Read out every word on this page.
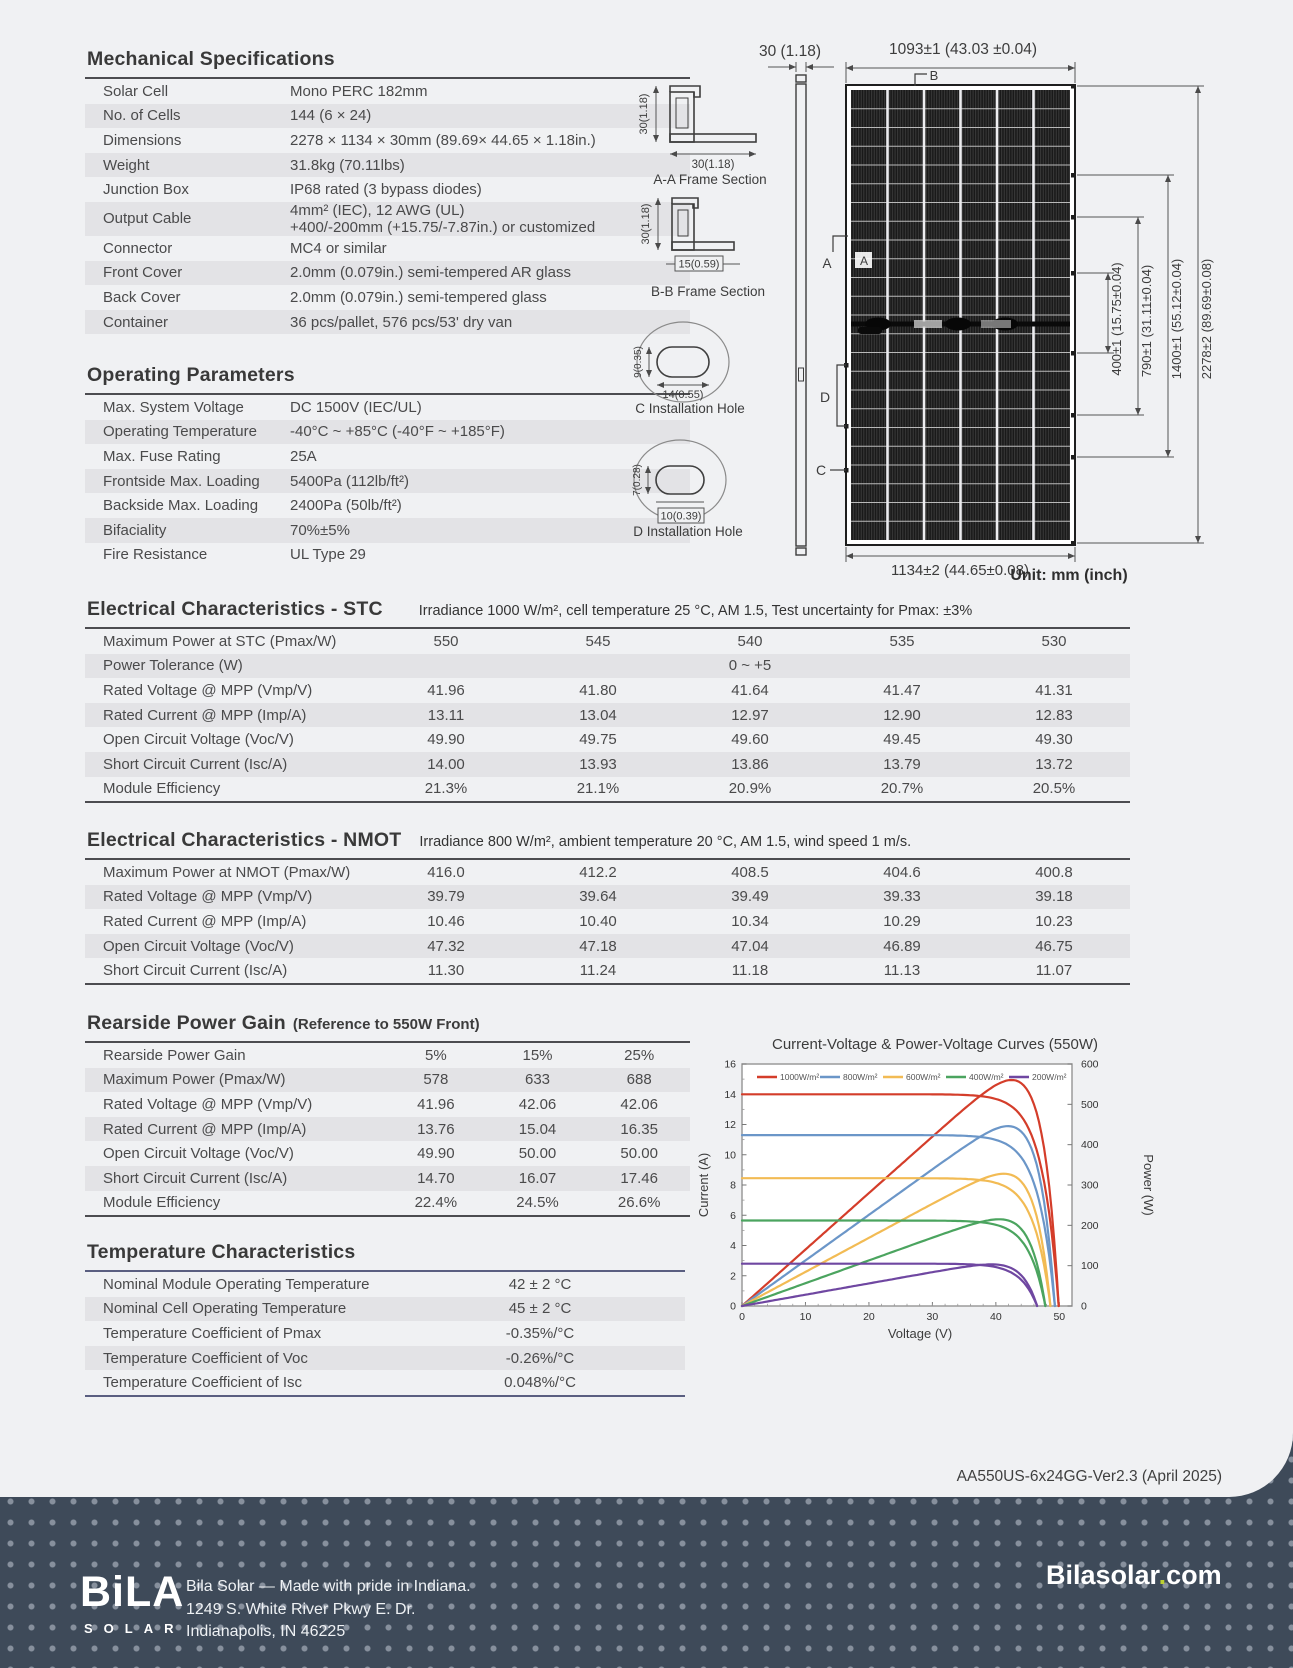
Mechanical Specifications
Solar Cell	Mono PERC 182mm
No. of Cells	144 (6 × 24)
Dimensions	2278 × 1134 × 30mm (89.69× 44.65 × 1.18in.)
Weight	31.8kg (70.11lbs)
Junction Box	IP68 rated (3 bypass diodes)
Output Cable	4mm² (IEC), 12 AWG (UL)
+400/-200mm (+15.75/-7.87in.) or customized
Connector	MC4 or similar
Front Cover	2.0mm (0.079in.) semi-tempered AR glass
Back Cover	2.0mm (0.079in.) semi-tempered glass
Container	36 pcs/pallet, 576 pcs/53' dry van
Operating Parameters
Max. System Voltage	DC 1500V (IEC/UL)
Operating Temperature	-40°C ~ +85°C (-40°F ~ +185°F)
Max. Fuse Rating	25A
Frontside Max. Loading	5400Pa (112lb/ft²)
Backside Max. Loading	2400Pa (50lb/ft²)
Bifaciality	70%±5%
Fire Resistance	UL Type 29
Electrical Characteristics - STC Irradiance 1000 W/m², cell temperature 25 °C, AM 1.5, Test uncertainty for Pmax: ±3%
Maximum Power at STC (Pmax/W)	550	545	540	535	530
Power Tolerance (W)	0 ~ +5
Rated Voltage @ MPP (Vmp/V)	41.96	41.80	41.64	41.47	41.31
Rated Current @ MPP (Imp/A)	13.11	13.04	12.97	12.90	12.83
Open Circuit Voltage (Voc/V)	49.90	49.75	49.60	49.45	49.30
Short Circuit Current (Isc/A)	14.00	13.93	13.86	13.79	13.72
Module Efficiency	21.3%	21.1%	20.9%	20.7%	20.5%
Electrical Characteristics - NMOT Irradiance 800 W/m², ambient temperature 20 °C, AM 1.5, wind speed 1 m/s.
Maximum Power at NMOT (Pmax/W)	416.0	412.2	408.5	404.6	400.8
Rated Voltage @ MPP (Vmp/V)	39.79	39.64	39.49	39.33	39.18
Rated Current @ MPP (Imp/A)	10.46	10.40	10.34	10.29	10.23
Open Circuit Voltage (Voc/V)	47.32	47.18	47.04	46.89	46.75
Short Circuit Current (Isc/A)	11.30	11.24	11.18	11.13	11.07
Rearside Power Gain (Reference to 550W Front)
Rearside Power Gain	5%	15%	25%
Maximum Power (Pmax/W)	578	633	688
Rated Voltage @ MPP (Vmp/V)	41.96	42.06	42.06
Rated Current @ MPP (Imp/A)	13.76	15.04	16.35
Open Circuit Voltage (Voc/V)	49.90	50.00	50.00
Short Circuit Current (Isc/A)	14.70	16.07	17.46
Module Efficiency	22.4%	24.5%	26.6%
Temperature Characteristics
Nominal Module Operating Temperature	42 ± 2 °C
Nominal Cell Operating Temperature	45 ± 2 °C
Temperature Coefficient of Pmax	-0.35%/°C
Temperature Coefficient of Voc	-0.26%/°C
Temperature Coefficient of Isc	0.048%/°C
30 (1.18)	1093±1 (43.03 ±0.04)
B
A A
D
C
400±1 (15.75±0.04) 790±1 (31.11±0.04) 1400±1 (55.12±0.04) 2278±2 (89.69±0.08)
1134±2 (44.65±0.08)
Unit: mm (inch)
30(1.18)
30(1.18)
A-A Frame Section
30(1.18)
15(0.59)
B-B Frame Section
9(0.35)
14(0.55)
C Installation Hole
7(0.28)
10(0.39)
D Installation Hole
Current-Voltage & Power-Voltage Curves (550W)
0
2
4
6
8
10
12
14
16
0
100
200
300
400
500
600
0	10	20	30	40	50
1000W/m²	800W/m²	600W/m²	400W/m²	200W/m²
Current (A)	Power (W)
Voltage (V)
AA550US-6x24GG-Ver2.3 (April 2025)
BiLA
SOLAR
Bila Solar — Made with pride in Indiana.
1249 S. White River Pkwy E. Dr.
Indianapolis, IN 46225
Bilasolar.com
